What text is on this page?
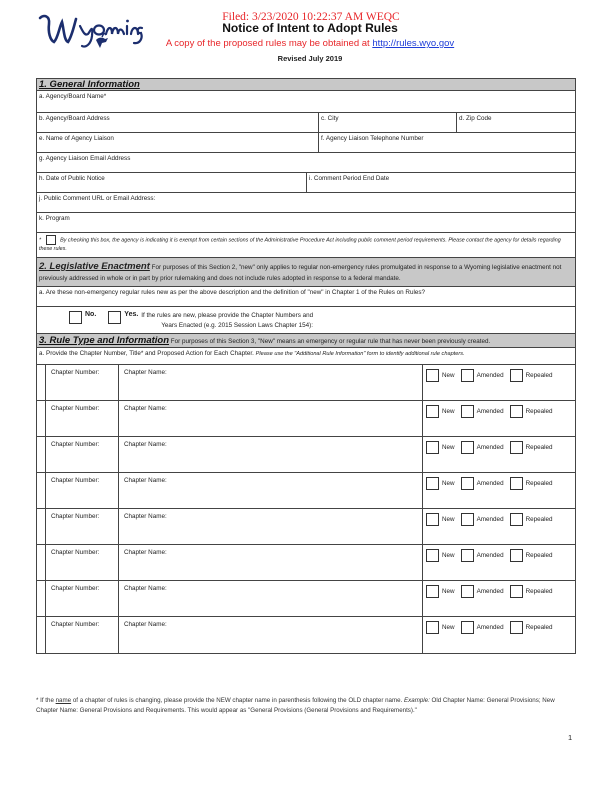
Filed: 3/23/2020 10:22:37 AM WEQC
Notice of Intent to Adopt Rules
A copy of the proposed rules may be obtained at http://rules.wyo.gov
Revised July 2019
1. General Information
a. Agency/Board Name*
b. Agency/Board Address	c. City	d. Zip Code
e. Name of Agency Liaison	f. Agency Liaison Telephone Number
g. Agency Liaison Email Address
h. Date of Public Notice	i. Comment Period End Date
j. Public Comment URL or Email Address:
k. Program
*	By checking this box, the agency is indicating it is exempt from certain sections of the Administrative Procedure Act including public comment period requirements. Please contact the agency for details regarding these rules.
2. Legislative Enactment For purposes of this Section 2, "new" only applies to regular non-emergency rules promulgated in response to a Wyoming legislative enactment not previously addressed in whole or in part by prior rulemaking and does not include rules adopted in response to a federal mandate.
a. Are these non-emergency regular rules new as per the above description and the definition of "new" in Chapter 1 of the Rules on Rules?
No.	Yes. If the rules are new, please provide the Chapter Numbers and
Years Enacted (e.g. 2015 Session Laws Chapter 154):
3. Rule Type and Information For purposes of this Section 3, "New" means an emergency or regular rule that has never been previously created.
a. Provide the Chapter Number, Title* and Proposed Action for Each Chapter. Please use the "Additional Rule Information" form to identify additional rule chapters.
Chapter Number:	Chapter Name:	New	Amended	Repealed
Chapter Number:	Chapter Name:	New	Amended	Repealed
Chapter Number:	Chapter Name:	New	Amended	Repealed
Chapter Number:	Chapter Name:	New	Amended	Repealed
Chapter Number:	Chapter Name:	New	Amended	Repealed
Chapter Number:	Chapter Name:	New	Amended	Repealed
Chapter Number:	Chapter Name:	New	Amended	Repealed
Chapter Number:	Chapter Name:	New	Amended	Repealed
* If the name of a chapter of rules is changing, please provide the NEW chapter name in parenthesis following the OLD chapter name. Example: Old Chapter Name: General Provisions; New Chapter Name: General Provisions and Requirements. This would appear as "General Provisions (General Provisions and Requirements)."
1
